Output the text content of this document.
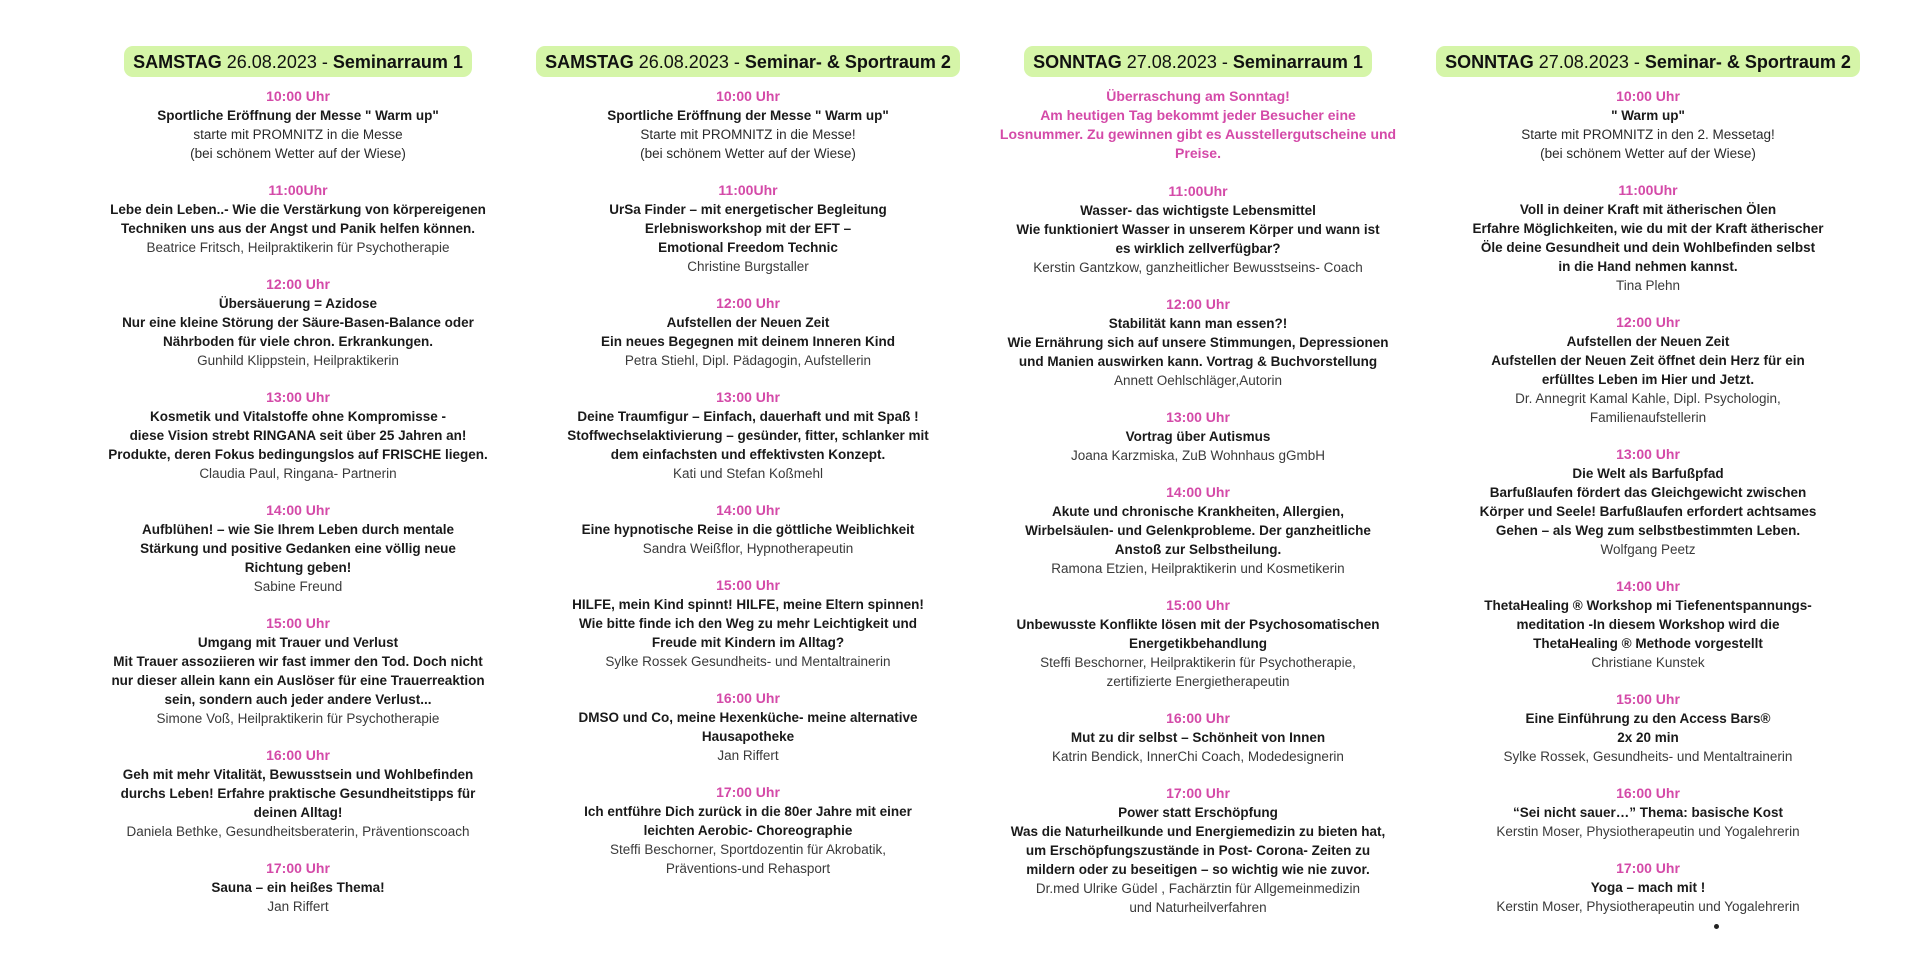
SAMSTAG 26.08.2023 - Seminarraum 1
10:00 Uhr
Sportliche Eröffnung der Messe " Warm up"
starte mit PROMNITZ in die Messe
(bei schönem Wetter auf der Wiese)
11:00Uhr
Lebe dein Leben..- Wie die Verstärkung von körpereigenen
Techniken uns aus der Angst und Panik helfen können.
Beatrice Fritsch, Heilpraktikerin für Psychotherapie
12:00 Uhr
Übersäuerung = Azidose
Nur eine kleine Störung der Säure-Basen-Balance oder
Nährboden für viele chron. Erkrankungen.
Gunhild Klippstein, Heilpraktikerin
13:00 Uhr
Kosmetik und Vitalstoffe ohne Kompromisse -
diese Vision strebt RINGANA seit über 25 Jahren an!
Produkte, deren Fokus bedingungslos auf FRISCHE liegen.
Claudia Paul, Ringana- Partnerin
14:00 Uhr
Aufblühen! – wie Sie Ihrem Leben durch mentale
Stärkung und positive Gedanken eine völlig neue
Richtung geben!
Sabine Freund
15:00 Uhr
Umgang mit Trauer und Verlust
Mit Trauer assoziieren wir fast immer den Tod. Doch nicht
nur dieser allein kann ein Auslöser für eine Trauerreaktion
sein, sondern auch jeder andere Verlust...
Simone Voß, Heilpraktikerin für Psychotherapie
16:00 Uhr
Geh mit mehr Vitalität, Bewusstsein und Wohlbefinden
durchs Leben! Erfahre praktische Gesundheitstipps für
deinen Alltag!
Daniela Bethke, Gesundheitsberaterin, Präventionscoach
17:00 Uhr
Sauna – ein heißes Thema!
Jan Riffert
SAMSTAG 26.08.2023 - Seminar- & Sportraum 2
10:00 Uhr
Sportliche Eröffnung der Messe " Warm up"
Starte mit PROMNITZ in die Messe!
(bei schönem Wetter auf der Wiese)
11:00Uhr
UrSa Finder – mit energetischer Begleitung
Erlebnisworkshop mit der EFT –
Emotional Freedom Technic
Christine Burgstaller
12:00 Uhr
Aufstellen der Neuen Zeit
Ein neues Begegnen mit deinem Inneren Kind
Petra Stiehl, Dipl. Pädagogin, Aufstellerin
13:00 Uhr
Deine Traumfigur – Einfach, dauerhaft und mit Spaß !
Stoffwechselaktivierung – gesünder, fitter, schlanker mit
dem einfachsten und effektivsten Konzept.
Kati und Stefan Koßmehl
14:00 Uhr
Eine hypnotische Reise in die göttliche Weiblichkeit
Sandra Weißflor, Hypnotherapeutin
15:00 Uhr
HILFE, mein Kind spinnt! HILFE, meine Eltern spinnen!
Wie bitte finde ich den Weg zu mehr Leichtigkeit und
Freude mit Kindern im Alltag?
Sylke Rossek Gesundheits- und Mentaltrainerin
16:00 Uhr
DMSO und Co, meine Hexenküche- meine alternative
Hausapotheke
Jan Riffert
17:00 Uhr
Ich entführe Dich zurück in die 80er Jahre mit einer
leichten Aerobic- Choreographie
Steffi Beschorner, Sportdozentin für Akrobatik,
Präventions-und Rehasport
SONNTAG 27.08.2023 - Seminarraum 1
Überraschung am Sonntag!
Am heutigen Tag bekommt jeder Besucher eine
Losnummer. Zu gewinnen gibt es Ausstellergutscheine und
Preise.
11:00Uhr
Wasser- das wichtigste Lebensmittel
Wie funktioniert Wasser in unserem Körper und wann ist
es wirklich zellverfügbar?
Kerstin Gantzkow, ganzheitlicher Bewusstseins- Coach
12:00 Uhr
Stabilität kann man essen?!
Wie Ernährung sich auf unsere Stimmungen, Depressionen
und Manien auswirken kann. Vortrag & Buchvorstellung
Annett Oehlschläger,Autorin
13:00 Uhr
Vortrag über Autismus
Joana Karzmiska, ZuB Wohnhaus gGmbH
14:00 Uhr
Akute und chronische Krankheiten, Allergien,
Wirbelsäulen- und Gelenkprobleme. Der ganzheitliche
Anstoß zur Selbstheilung.
Ramona Etzien, Heilpraktikerin und Kosmetikerin
15:00 Uhr
Unbewusste Konflikte lösen mit der Psychosomatischen
Energetikbehandlung
Steffi Beschorner, Heilpraktikerin für Psychotherapie,
zertifizierte Energietherapeutin
16:00 Uhr
Mut zu dir selbst – Schönheit von Innen
Katrin Bendick, InnerChi Coach, Modedesignerin
17:00 Uhr
Power statt Erschöpfung
Was die Naturheilkunde und Energiemedizin zu bieten hat,
um Erschöpfungszustände in Post- Corona- Zeiten zu
mildern oder zu beseitigen – so wichtig wie nie zuvor.
Dr.med Ulrike Güdel , Fachärztin für Allgemeinmedizin
und Naturheilverfahren
SONNTAG 27.08.2023 - Seminar- & Sportraum 2
10:00 Uhr
" Warm up"
Starte mit PROMNITZ in den 2. Messetag!
(bei schönem Wetter auf der Wiese)
11:00Uhr
Voll in deiner Kraft mit ätherischen Ölen
Erfahre Möglichkeiten, wie du mit der Kraft ätherischer
Öle deine Gesundheit und dein Wohlbefinden selbst
in die Hand nehmen kannst.
Tina Plehn
12:00 Uhr
Aufstellen der Neuen Zeit
Aufstellen der Neuen Zeit öffnet dein Herz für ein
erfülltes Leben im Hier und Jetzt.
Dr. Annegrit Kamal Kahle, Dipl. Psychologin,
Familienaufstellerin
13:00 Uhr
Die Welt als Barfußpfad
Barfußlaufen fördert das Gleichgewicht zwischen
Körper und Seele! Barfußlaufen erfordert achtsames
Gehen – als Weg zum selbstbestimmten Leben.
Wolfgang Peetz
14:00 Uhr
ThetaHealing ® Workshop mi Tiefenentspannungs-
meditation -In diesem Workshop wird die
ThetaHealing ® Methode vorgestellt
Christiane Kunstek
15:00 Uhr
Eine Einführung zu den Access Bars®
2x 20 min
Sylke Rossek, Gesundheits- und Mentaltrainerin
16:00 Uhr
“Sei nicht sauer…” Thema: basische Kost
Kerstin Moser, Physiotherapeutin und Yogalehrerin
17:00 Uhr
Yoga – mach mit !
Kerstin Moser, Physiotherapeutin und Yogalehrerin
